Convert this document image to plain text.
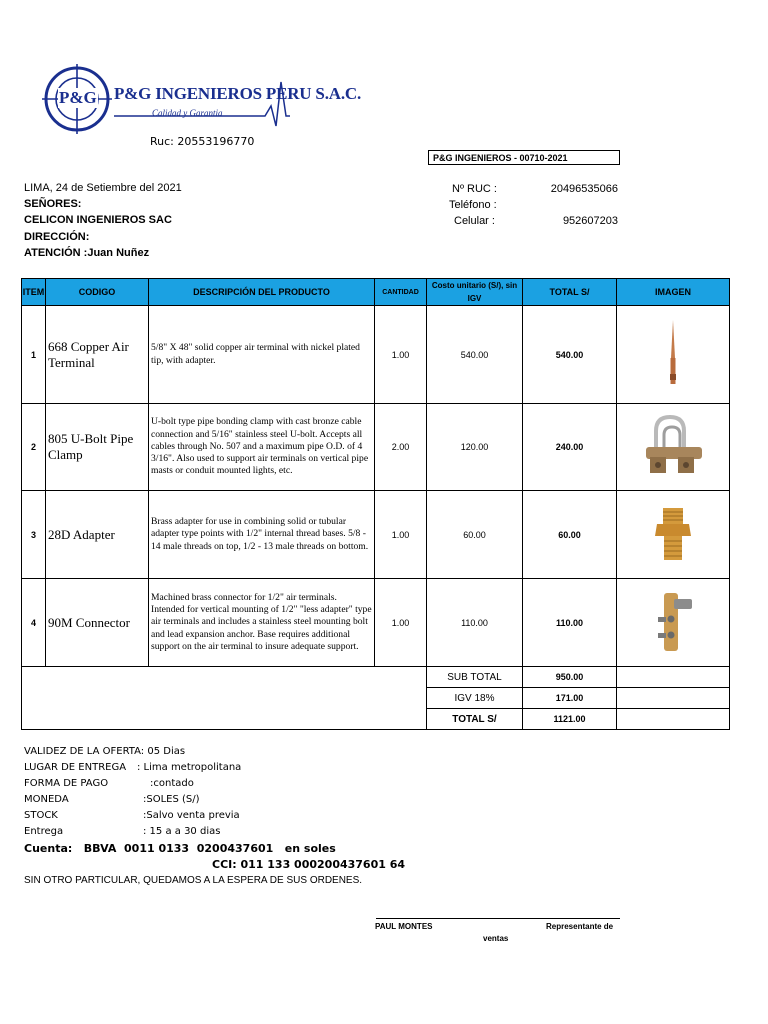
P&G INGENIEROS PERU S.A.C.
Calidad y Garantia
P&G
Ruc: 20553196770
P&G INGENIEROS - 00710-2021
LIMA, 24 de Setiembre del 2021
SEÑORES:
CELICON INGENIEROS SAC
DIRECCIÓN:
ATENCIÓN :Juan Nuñez
Nº RUC :	20496535066
Teléfono :
Celular :	952607203
ITEM	CODIGO	DESCRIPCIÓN DEL PRODUCTO	CANTIDAD	Costo unitario (S/), sin IGV	TOTAL S/	IMAGEN
1	668 Copper Air Terminal	5/8" X 48" solid copper air terminal with nickel plated tip, with adapter.	1.00	540.00	540.00	
2	805 U-Bolt Pipe Clamp	U-bolt type pipe bonding clamp with cast bronze cable connection and 5/16" stainless steel U-bolt. Accepts all cables through No. 507 and a maximum pipe O.D. of 4 3/16". Also used to support air terminals on vertical pipe masts or conduit mounted lights, etc.	2.00	120.00	240.00	
3	28D Adapter	Brass adapter for use in combining solid or tubular adapter type points with 1/2" internal thread bases. 5/8 - 14 male threads on top, 1/2 - 13 male threads on bottom.	1.00	60.00	60.00	
4	90M Connector	Machined brass connector for 1/2" air terminals. Intended for vertical mounting of 1/2" "less adapter" type air terminals and includes a stainless steel mounting bolt and lead expansion anchor. Base requires additional support on the air terminal to insure adequate support.	1.00	110.00	110.00	
				SUB TOTAL	950.00	
				IGV 18%	171.00	
				TOTAL S/	1121.00	
VALIDEZ DE LA OFERTA: 05 Dias
LUGAR DE ENTREGA : Lima metropolitana
FORMA DE PAGO	:contado
MONEDA	:SOLES (S/)
STOCK	:Salvo venta previa
Entrega	: 15 a a 30 dias
Cuenta:   BBVA  0011 0133  0200437601   en soles
CCI: 011 133 000200437601 64
SIN OTRO PARTICULAR, QUEDAMOS A LA ESPERA DE SUS ORDENES.
PAUL MONTES	Representante de
ventas
